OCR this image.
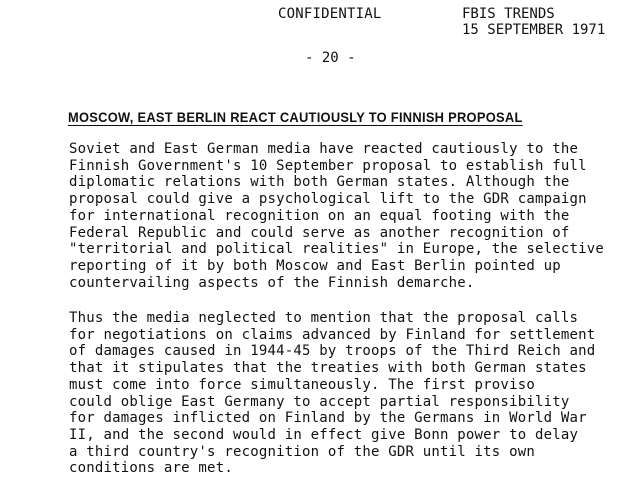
CONFIDENTIAL	FBIS TRENDS
15 SEPTEMBER 1971
- 20 -
MOSCOW, EAST BERLIN REACT CAUTIOUSLY TO FINNISH PROPOSAL
Soviet and East German media have reacted cautiously to the
Finnish Government's 10 September proposal to establish full
diplomatic relations with both German states. Although the
proposal could give a psychological lift to the GDR campaign
for international recognition on an equal footing with the
Federal Republic and could serve as another recognition of
"territorial and political realities" in Europe, the selective
reporting of it by both Moscow and East Berlin pointed up
countervailing aspects of the Finnish demarche.
Thus the media neglected to mention that the proposal calls
for negotiations on claims advanced by Finland for settlement
of damages caused in 1944-45 by troops of the Third Reich and
that it stipulates that the treaties with both German states
must come into force simultaneously. The first proviso
could oblige East Germany to accept partial responsibility
for damages inflicted on Finland by the Germans in World War
II, and the second would in effect give Bonn power to delay
a third country's recognition of the GDR until its own
conditions are met.
